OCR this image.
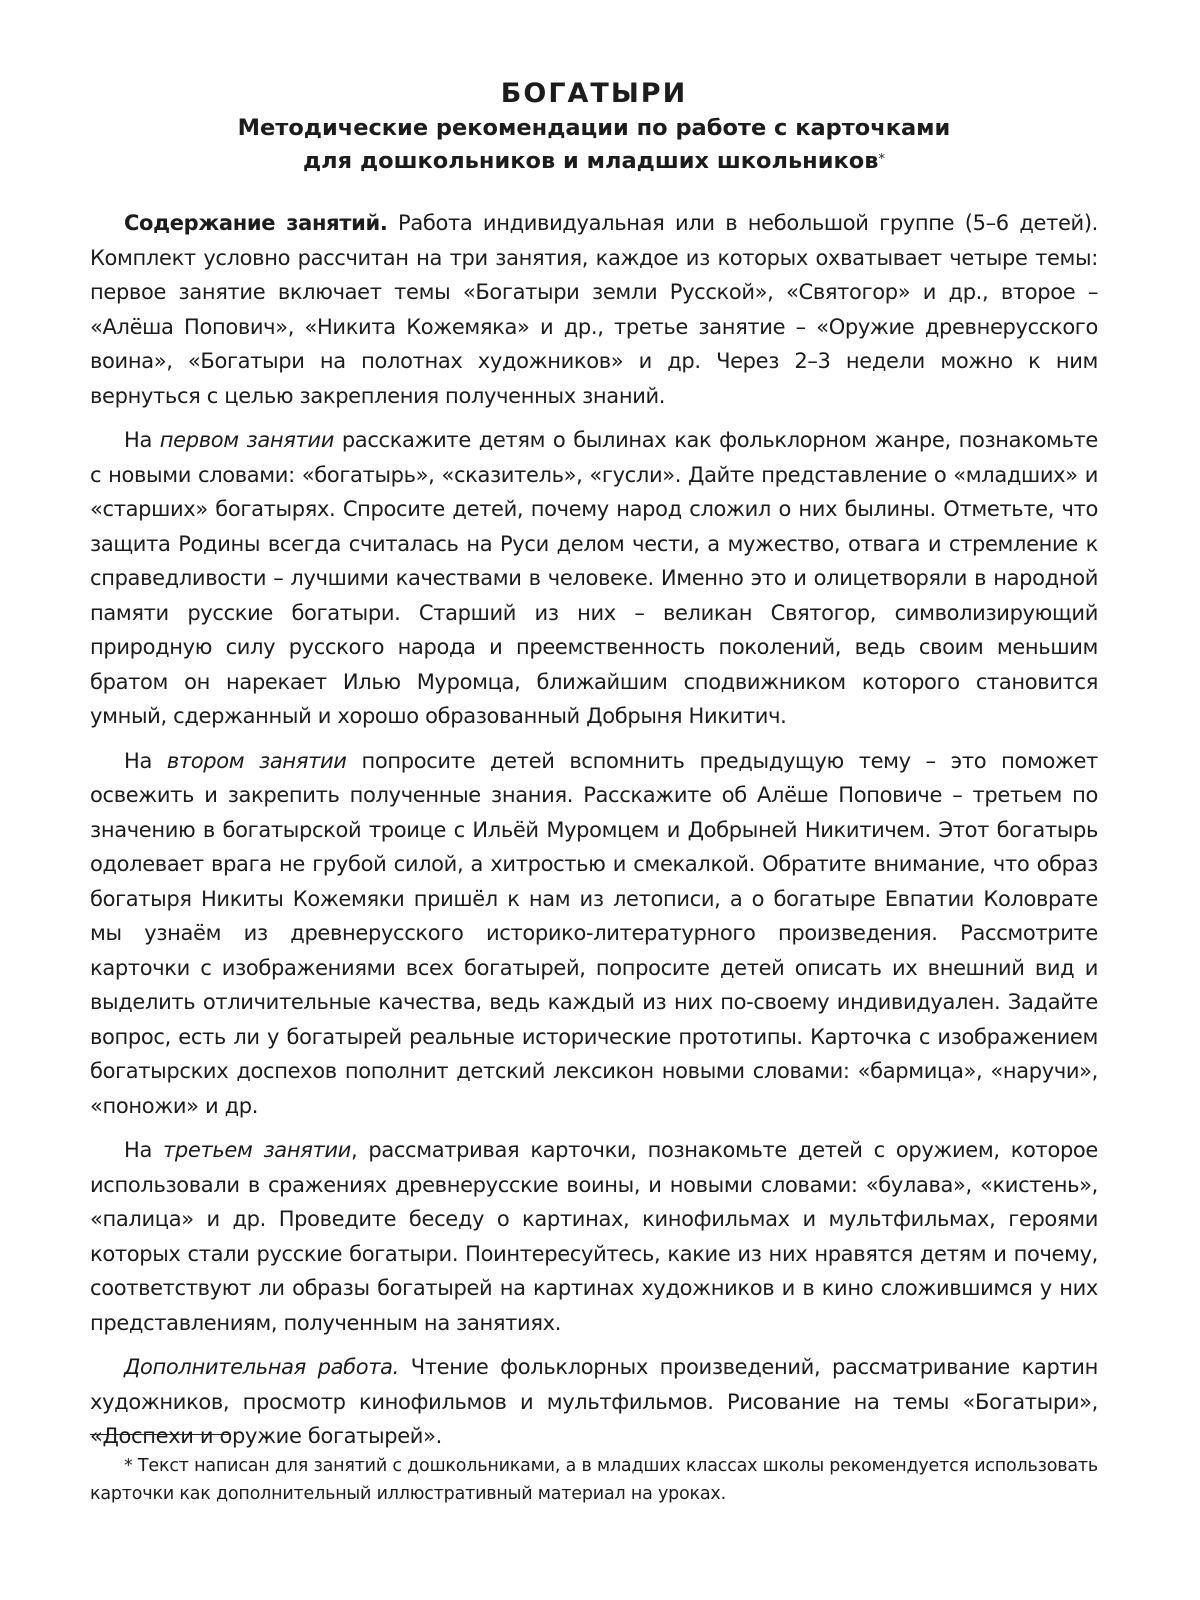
БОГАТЫРИ
Методические рекомендации по работе с карточками
для дошкольников и младших школьников*

Содержание занятий. Работа индивидуальная или в небольшой группе (5–6 детей). Комплект условно рассчитан на три занятия, каждое из которых охватывает четыре темы: первое занятие включает темы «Богатыри земли Русской», «Святогор» и др., второе – «Алёша Попович», «Никита Кожемяка» и др., третье занятие – «Оружие древнерусского воина», «Богатыри на полотнах художников» и др. Через 2–3 недели можно к ним вернуться с целью закрепления полученных знаний.

На первом занятии расскажите детям о былинах как фольклорном жанре, познакомьте с новыми словами: «богатырь», «сказитель», «гусли». Дайте представление о «младших» и «старших» богатырях. Спросите детей, почему народ сложил о них былины. Отметьте, что защита Родины всегда считалась на Руси делом чести, а мужество, отвага и стремление к справедливости – лучшими качествами в человеке. Именно это и олицетворяли в народной памяти русские богатыри. Старший из них – великан Святогор, символизирующий природную силу русского народа и преемственность поколений, ведь своим меньшим братом он нарекает Илью Муромца, ближайшим сподвижником которого становится умный, сдержанный и хорошо образованный Добрыня Никитич.

На втором занятии попросите детей вспомнить предыдущую тему – это поможет освежить и закрепить полученные знания. Расскажите об Алёше Поповиче – третьем по значению в богатырской троице с Ильёй Муромцем и Добрыней Никитичем. Этот богатырь одолевает врага не грубой силой, а хитростью и смекалкой. Обратите внимание, что образ богатыря Никиты Кожемяки пришёл к нам из летописи, а о богатыре Евпатии Коловрате мы узнаём из древнерусского историко-литературного произведения. Рассмотрите карточки с изображениями всех богатырей, попросите детей описать их внешний вид и выделить отличительные качества, ведь каждый из них по-своему индивидуален. Задайте вопрос, есть ли у богатырей реальные исторические прототипы. Карточка с изображением богатырских доспехов пополнит детский лексикон новыми словами: «бармица», «наручи», «поножи» и др.

На третьем занятии, рассматривая карточки, познакомьте детей с оружием, которое использовали в сражениях древнерусские воины, и новыми словами: «булава», «кистень», «палица» и др. Проведите беседу о картинах, кинофильмах и мультфильмах, героями которых стали русские богатыри. Поинтересуйтесь, какие из них нравятся детям и почему, соответствуют ли образы богатырей на картинах художников и в кино сложившимся у них представлениям, полученным на занятиях.

Дополнительная работа. Чтение фольклорных произведений, рассматривание картин художников, просмотр кинофильмов и мультфильмов. Рисование на темы «Богатыри», «Доспехи и оружие богатырей».

* Текст написан для занятий с дошкольниками, а в младших классах школы рекомендуется использовать карточки как дополнительный иллюстративный материал на уроках.
